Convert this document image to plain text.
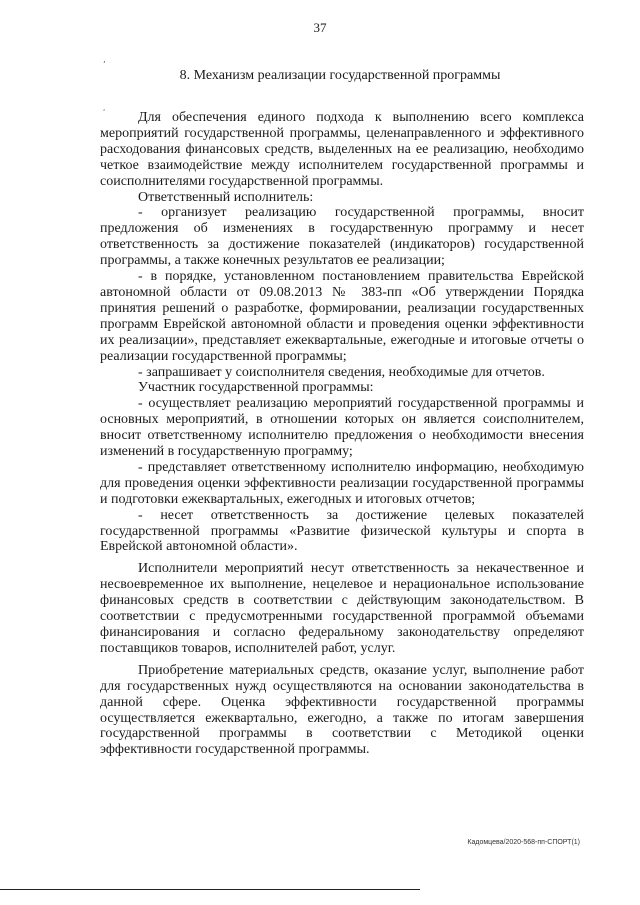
37
ʼ
,
8. Механизм реализации государственной программы

Для обеспечения единого подхода к выполнению всего комплекса мероприятий государственной программы, целенаправленного и эффективного расходования финансовых средств, выделенных на ее реализацию, необходимо четкое взаимодействие между исполнителем государственной программы и соисполнителями государственной программы.

Ответственный исполнитель:

- организует реализацию государственной программы, вносит предложения об изменениях в государственную программу и несет ответственность за достижение показателей (индикаторов) государственной программы, а также конечных результатов ее реализации;

- в порядке, установленном постановлением правительства Еврейской автономной области от 09.08.2013 № 383-пп «Об утверждении Порядка принятия решений о разработке, формировании, реализации государственных программ Еврейской автономной области и проведения оценки эффективности их реализации», представляет ежеквартальные, ежегодные и итоговые отчеты о реализации государственной программы;

- запрашивает у соисполнителя сведения, необходимые для отчетов.

Участник государственной программы:

- осуществляет реализацию мероприятий государственной программы и основных мероприятий, в отношении которых он является соисполнителем, вносит ответственному исполнителю предложения о необходимости внесения изменений в государственную программу;

- представляет ответственному исполнителю информацию, необходимую для проведения оценки эффективности реализации государственной программы и подготовки ежеквартальных, ежегодных и итоговых отчетов;

- несет ответственность за достижение целевых показателей государственной программы «Развитие физической культуры и спорта в Еврейской автономной области».

Исполнители мероприятий несут ответственность за некачественное и несвоевременное их выполнение, нецелевое и нерациональное использование финансовых средств в соответствии с действующим законодательством. В соответствии с предусмотренными государственной программой объемами финансирования и согласно федеральному законодательству определяют поставщиков товаров, исполнителей работ, услуг.

Приобретение материальных средств, оказание услуг, выполнение работ для государственных нужд осуществляются на основании законодательства в данной сфере. Оценка эффективности государственной программы осуществляется ежеквартально, ежегодно, а также по итогам завершения государственной программы в соответствии с Методикой оценки эффективности государственной программы.

Кадомцева/2020-568-пп-СПОРТ(1)
